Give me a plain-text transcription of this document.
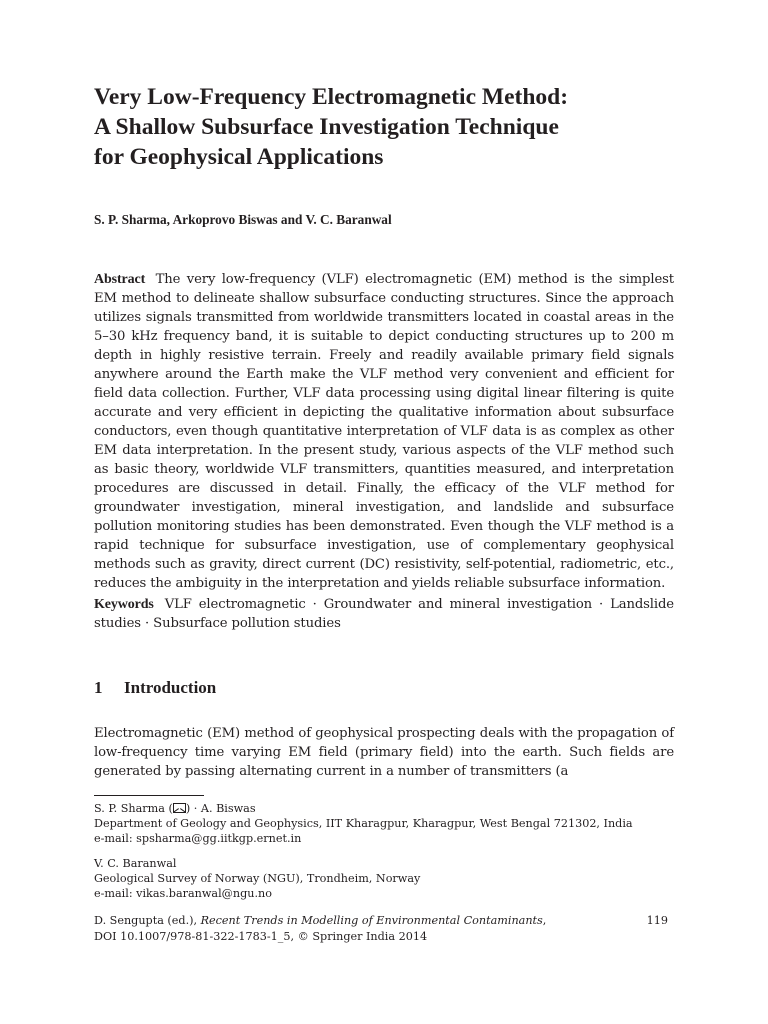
Very Low-Frequency Electromagnetic Method:
A Shallow Subsurface Investigation Technique
for Geophysical Applications
S. P. Sharma, Arkoprovo Biswas and V. C. Baranwal
Abstract The very low-frequency (VLF) electromagnetic (EM) method is the simplest EM method to delineate shallow subsurface conducting structures. Since the approach utilizes signals transmitted from worldwide transmitters located in coastal areas in the 5–30 kHz frequency band, it is suitable to depict conducting structures up to 200 m depth in highly resistive terrain. Freely and readily available primary field signals anywhere around the Earth make the VLF method very convenient and efficient for field data collection. Further, VLF data processing using digital linear filtering is quite accurate and very efficient in depicting the qualitative information about subsurface conductors, even though quantitative interpretation of VLF data is as complex as other EM data interpretation. In the present study, various aspects of the VLF method such as basic theory, worldwide VLF transmitters, quantities measured, and interpretation procedures are discussed in detail. Finally, the efficacy of the VLF method for groundwater investigation, mineral investigation, and landslide and subsurface pollution monitoring studies has been demonstrated. Even though the VLF method is a rapid technique for subsurface investigation, use of complementary geophysical methods such as gravity, direct current (DC) resistivity, self-potential, radiometric, etc., reduces the ambiguity in the interpretation and yields reliable subsurface information.
Keywords VLF electromagnetic · Groundwater and mineral investigation · Landslide studies · Subsurface pollution studies
1 Introduction
Electromagnetic (EM) method of geophysical prospecting deals with the propagation of low-frequency time varying EM field (primary field) into the earth. Such fields are generated by passing alternating current in a number of transmitters (a
S. P. Sharma ( ) · A. Biswas
Department of Geology and Geophysics, IIT Kharagpur, Kharagpur, West Bengal 721302, India
e-mail: spsharma@gg.iitkgp.ernet.in
V. C. Baranwal
Geological Survey of Norway (NGU), Trondheim, Norway
e-mail: vikas.baranwal@ngu.no
D. Sengupta (ed.), Recent Trends in Modelling of Environmental Contaminants,
DOI 10.1007/978-81-322-1783-1_5, © Springer India 2014
119
